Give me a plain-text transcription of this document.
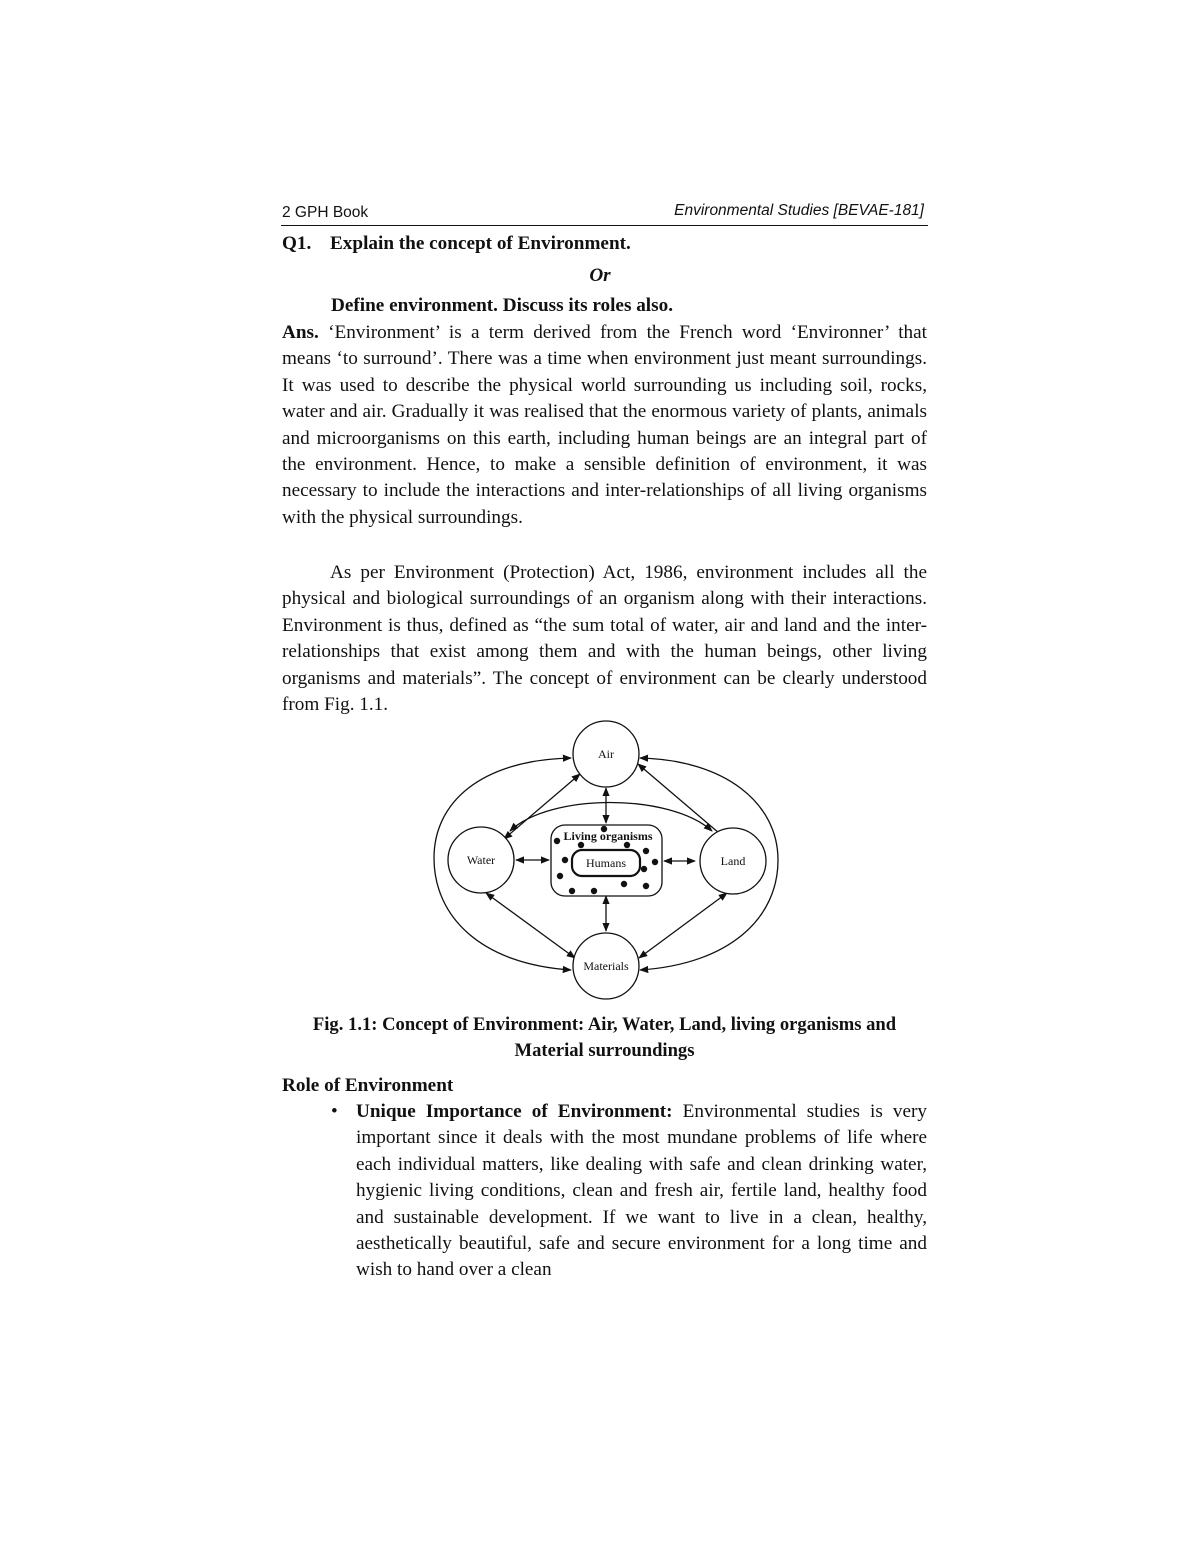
2 GPH Book	Environmental Studies [BEVAE-181]
Q1. Explain the concept of Environment.
Or
Define environment. Discuss its roles also.
Ans. ‘Environment’ is a term derived from the French word ‘Environner’ that means ‘to surround’. There was a time when environment just meant surroundings. It was used to describe the physical world surrounding us including soil, rocks, water and air. Gradually it was realised that the enormous variety of plants, animals and microorganisms on this earth, including human beings are an integral part of the environment. Hence, to make a sensible definition of environment, it was necessary to include the interactions and inter-relationships of all living organisms with the physical surroundings.
As per Environment (Protection) Act, 1986, environment includes all the physical and biological surroundings of an organism along with their interactions. Environment is thus, defined as “the sum total of water, air and land and the inter-relationships that exist among them and with the human beings, other living organisms and materials”. The concept of environment can be clearly understood from Fig. 1.1.
Air
Water	Land
Materials
Living organisms
Humans
Fig. 1.1: Concept of Environment: Air, Water, Land, living organisms and Material surroundings
Role of Environment
• Unique Importance of Environment: Environmental studies is very important since it deals with the most mundane problems of life where each individual matters, like dealing with safe and clean drinking water, hygienic living conditions, clean and fresh air, fertile land, healthy food and sustainable development. If we want to live in a clean, healthy, aesthetically beautiful, safe and secure environment for a long time and wish to hand over a clean
